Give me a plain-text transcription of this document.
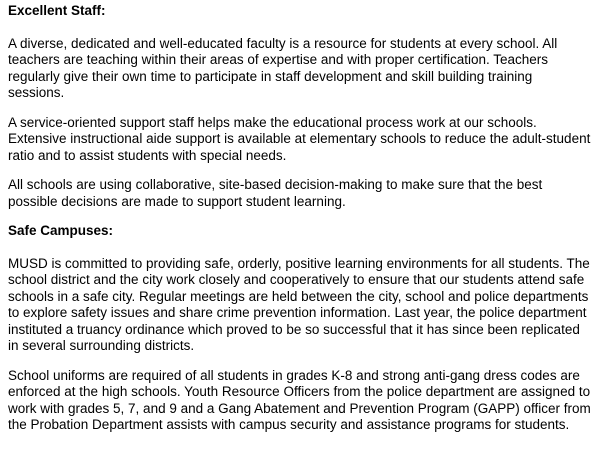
Excellent Staff:

A diverse, dedicated and well-educated faculty is a resource for students at every school. All teachers are teaching within their areas of expertise and with proper certification. Teachers regularly give their own time to participate in staff development and skill building training sessions.

A service-oriented support staff helps make the educational process work at our schools. Extensive instructional aide support is available at elementary schools to reduce the adult-student ratio and to assist students with special needs.

All schools are using collaborative, site-based decision-making to make sure that the best possible decisions are made to support student learning.

Safe Campuses:

MUSD is committed to providing safe, orderly, positive learning environments for all students. The school district and the city work closely and cooperatively to ensure that our students attend safe schools in a safe city. Regular meetings are held between the city, school and police departments to explore safety issues and share crime prevention information. Last year, the police department instituted a truancy ordinance which proved to be so successful that it has since been replicated in several surrounding districts.

School uniforms are required of all students in grades K-8 and strong anti-gang dress codes are enforced at the high schools. Youth Resource Officers from the police department are assigned to work with grades 5, 7, and 9 and a Gang Abatement and Prevention Program (GAPP) officer from the Probation Department assists with campus security and assistance programs for students.
